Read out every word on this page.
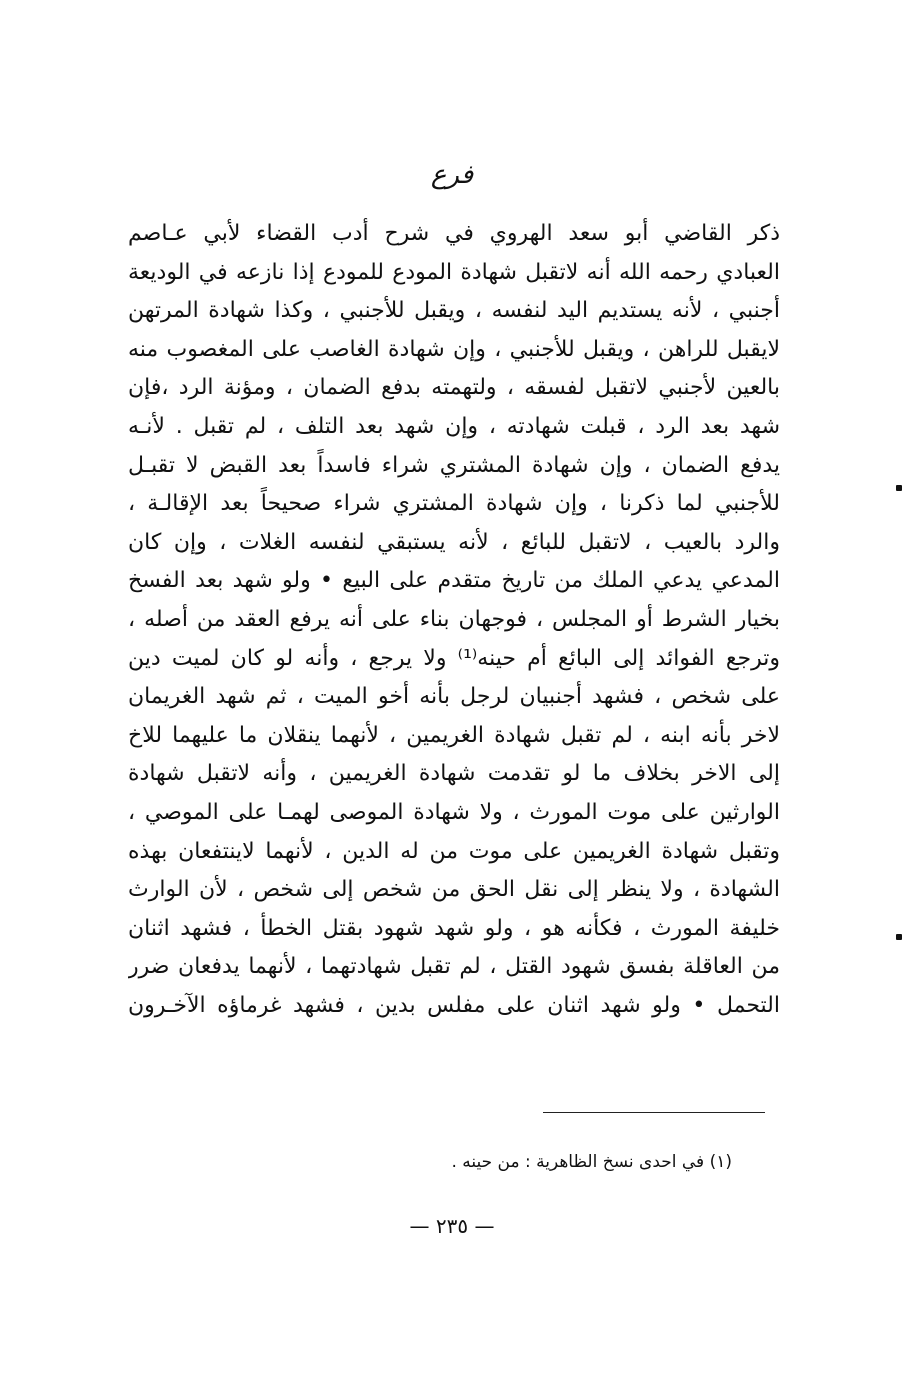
فرع
ذكر القاضي أبو سعد الهروي في شرح أدب القضاء لأبي عـاصم
العبادي رحمه الله أنه لاتقبل شهادة المودع للمودع إذا نازعه في الوديعة
أجنبي ، لأنه يستديم اليد لنفسه ، ويقبل للأجنبي ، وكذا شهادة المرتهن
لايقبل للراهن ، ويقبل للأجنبي ، وإن شهادة الغاصب على المغصوب منه
بالعين لأجنبي لاتقبل لفسقه ، ولتهمته بدفع الضمان ، ومؤنة الرد ،فإن
شهد بعد الرد ، قبلت شهادته ، وإن شهد بعد التلف ، لم تقبل . لأنـه
يدفع الضمان ، وإن شهادة المشتري شراء فاسداً بعد القبض لا تقبـل
للأجنبي لما ذكرنا ، وإن شهادة المشتري شراء صحيحاً بعد الإقالـة ،
والرد بالعيب ، لاتقبل للبائع ، لأنه يستبقي لنفسه الغلات ، وإن كان
المدعي يدعي الملك من تاريخ متقدم على البيع • ولو شهد بعد الفسخ
بخيار الشرط أو المجلس ، فوجهان بناء على أنه يرفع العقد من أصله ،
وترجع الفوائد إلى البائع أم حينه⁽¹⁾ ولا يرجع ، وأنه لو كان لميت دين
على شخص ، فشهد أجنبيان لرجل بأنه أخو الميت ، ثم شهد الغريمان
لاخر بأنه ابنه ، لم تقبل شهادة الغريمين ، لأنهما ينقلان ما عليهما للاخ
إلى الاخر بخلاف ما لو تقدمت شهادة الغريمين ، وأنه لاتقبل شهادة
الوارثين على موت المورث ، ولا شهادة الموصى لهمـا على الموصي ،
وتقبل شهادة الغريمين على موت من له الدين ، لأنهما لاينتفعان بهذه
الشهادة ، ولا ينظر إلى نقل الحق من شخص إلى شخص ، لأن الوارث
خليفة المورث ، فكأنه هو ، ولو شهد شهود بقتل الخطأ ، فشهد اثنان
من العاقلة بفسق شهود القتل ، لم تقبل شهادتهما ، لأنهما يدفعان ضرر
التحمل • ولو شهد اثنان على مفلس بدين ، فشهد غرماؤه الآخـرون
(١) في احدى نسخ الظاهرية : من حينه .
— ٢٣٥ —
